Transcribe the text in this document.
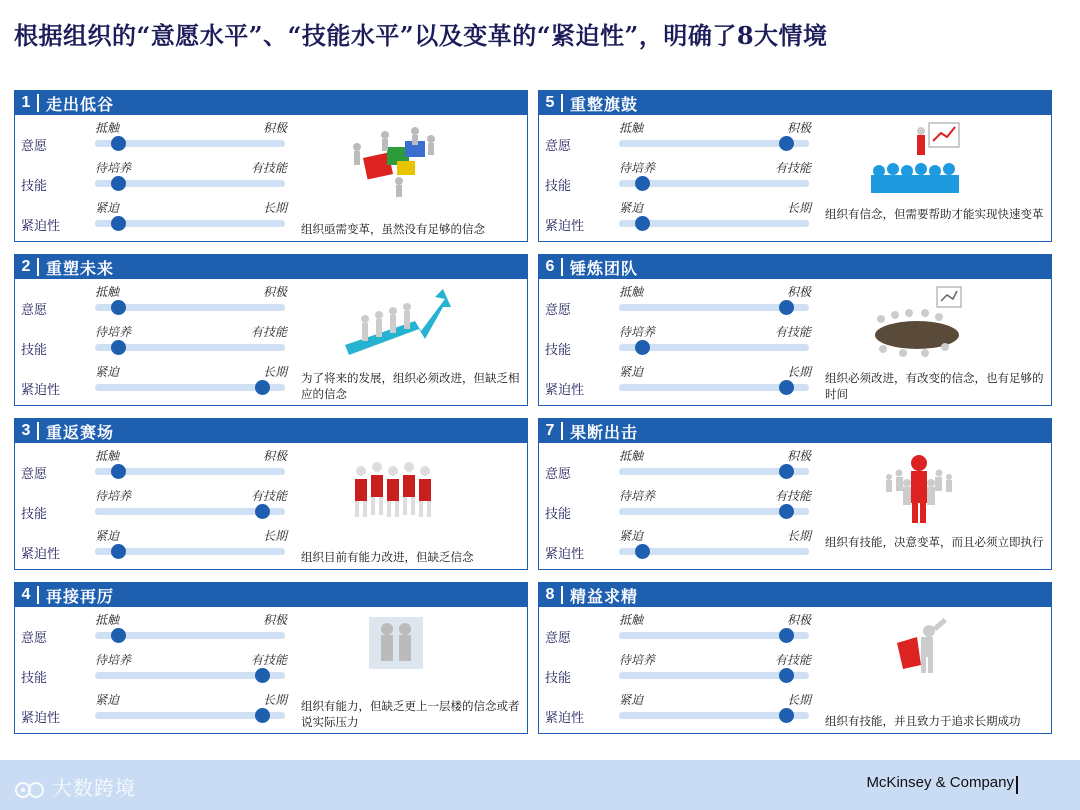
根据组织的“意愿水平”、“技能水平”以及变革的“紧迫性”，明确了8大情境
1 走出低谷
意愿
抵触	积极
技能
待培养	有技能
紧迫性
紧迫	长期
组织亟需变革，虽然没有足够的信念
2 重塑未来
意愿
抵触	积极
技能
待培养	有技能
紧迫性
紧迫	长期 为了将来的发展，组织必须改进，但缺乏相应的信念
3 重返赛场
意愿
抵触	积极
技能
待培养	有技能
紧迫性
紧迫	长期
组织目前有能力改进，但缺乏信念
4 再接再厉
意愿
抵触	积极
技能
待培养	有技能
紧迫性
紧迫	长期 组织有能力，但缺乏更上一层楼的信念或者说实际压力
5 重整旗鼓
意愿
抵触	积极
技能
待培养	有技能
紧迫性
紧迫	长期 组织有信念，但需要帮助才能实现快速变革
6 锤炼团队
意愿
抵触	积极
技能
待培养	有技能
紧迫性
紧迫	长期 组织必须改进，有改变的信念，也有足够的时间
7 果断出击
意愿
抵触	积极
技能
待培养	有技能
紧迫性
紧迫	长期 组织有技能，决意变革，而且必须立即执行
8 精益求精
意愿
抵触	积极
技能
待培养	有技能
紧迫性
紧迫	长期
组织有技能，并且致力于追求长期成功
大数跨境	McKinsey & Company
